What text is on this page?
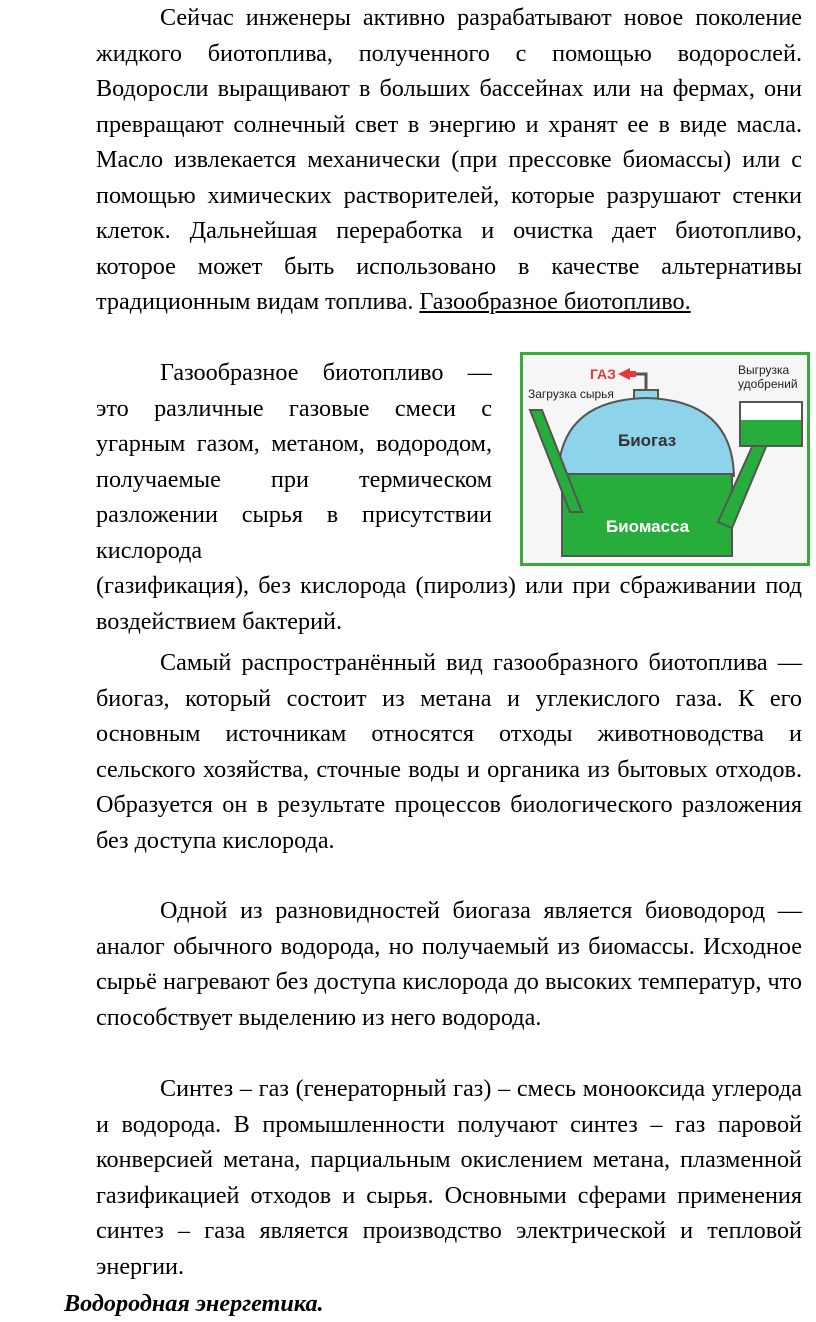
Сейчас инженеры активно разрабатывают новое поколение жидкого биотоплива, полученного с помощью водорослей. Водоросли выращивают в больших бассейнах или на фермах, они превращают солнечный свет в энергию и хранят ее в виде масла. Масло извлекается механически (при прессовке биомассы) или с помощью химических растворителей, которые разрушают стенки клеток. Дальнейшая переработка и очистка дает биотопливо, которое может быть использовано в качестве альтернативы традиционным видам топлива. Газообразное биотопливо.

Газообразное биотопливо — это различные газовые смеси с угарным газом, метаном, водородом, получаемые при термическом разложении сырья в присутствии кислорода

(газификация), без кислорода (пиролиз) или при сбраживании под воздействием бактерий.

Самый распространённый вид газообразного биотоплива — биогаз, который состоит из метана и углекислого газа. К его основным источникам относятся отходы животноводства и сельского хозяйства, сточные воды и органика из бытовых отходов. Образуется он в результате процессов биологического разложения без доступа кислорода.

Одной из разновидностей биогаза является биоводород — аналог обычного водорода, но получаемый из биомассы. Исходное сырьё нагревают без доступа кислорода до высоких температур, что способствует выделению из него водорода.

Синтез – газ (генераторный газ) – смесь монооксида углерода и водорода. В промышленности получают синтез – газ паровой конверсией метана, парциальным окислением метана, плазменной газификацией отходов и сырья. Основными сферами применения синтез – газа является производство электрической и тепловой энергии.

Водородная энергетика.
ГАЗ
Биогаз
Биомасса
Загрузка сырья
Выгрузка
удобрений
